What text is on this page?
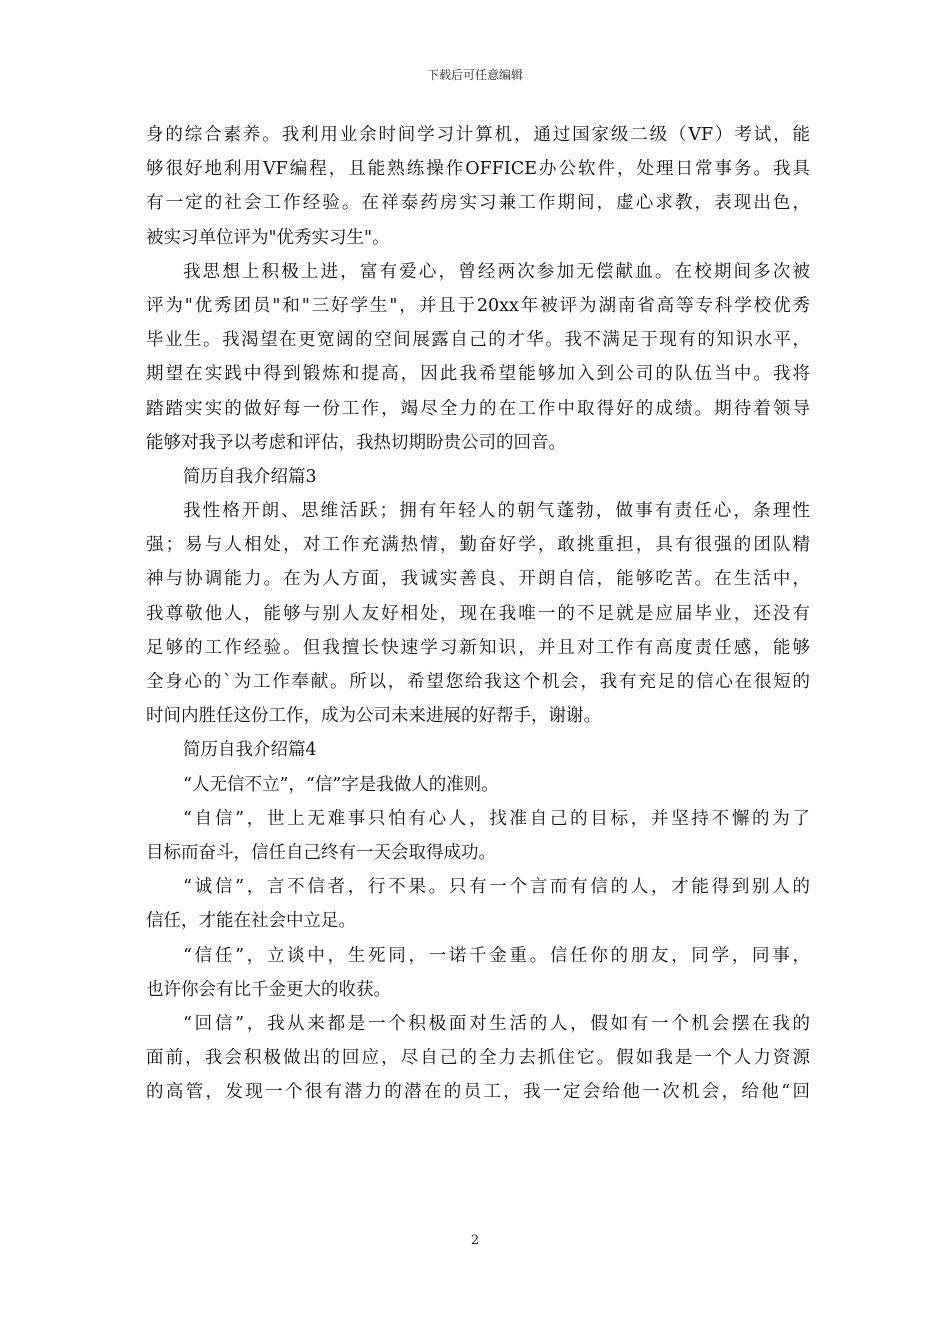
下载后可任意编辑
身的综合素养。我利用业余时间学习计算机，通过国家级二级（VF）考试，能
够很好地利用VF编程，且能熟练操作OFFICE办公软件，处理日常事务。我具
有一定的社会工作经验。在祥泰药房实习兼工作期间，虚心求教，表现出色，
被实习单位评为"优秀实习生"。
我思想上积极上进，富有爱心，曾经两次参加无偿献血。在校期间多次被
评为"优秀团员"和"三好学生"，并且于20xx年被评为湖南省高等专科学校优秀
毕业生。我渴望在更宽阔的空间展露自己的才华。我不满足于现有的知识水平，
期望在实践中得到锻炼和提高，因此我希望能够加入到公司的队伍当中。我将
踏踏实实的做好每一份工作，竭尽全力的在工作中取得好的成绩。期待着领导
能够对我予以考虑和评估，我热切期盼贵公司的回音。
简历自我介绍篇3
我性格开朗、思维活跃；拥有年轻人的朝气蓬勃，做事有责任心，条理性
强；易与人相处，对工作充满热情，勤奋好学，敢挑重担，具有很强的团队精
神与协调能力。在为人方面，我诚实善良、开朗自信，能够吃苦。在生活中，
我尊敬他人，能够与别人友好相处，现在我唯一的不足就是应届毕业，还没有
足够的工作经验。但我擅长快速学习新知识，并且对工作有高度责任感，能够
全身心的`为工作奉献。所以，希望您给我这个机会，我有充足的信心在很短的
时间内胜任这份工作，成为公司未来进展的好帮手，谢谢。
简历自我介绍篇4
“人无信不立”，“信”字是我做人的准则。
“自信”，世上无难事只怕有心人，找准自己的目标，并坚持不懈的为了
目标而奋斗，信任自己终有一天会取得成功。
“诚信”，言不信者，行不果。只有一个言而有信的人，才能得到别人的
信任，才能在社会中立足。
“信任”，立谈中，生死同，一诺千金重。信任你的朋友，同学，同事，
也许你会有比千金更大的收获。
“回信”，我从来都是一个积极面对生活的人，假如有一个机会摆在我的
面前，我会积极做出的回应，尽自己的全力去抓住它。假如我是一个人力资源
的高管，发现一个很有潜力的潜在的员工，我一定会给他一次机会，给他“回
2
